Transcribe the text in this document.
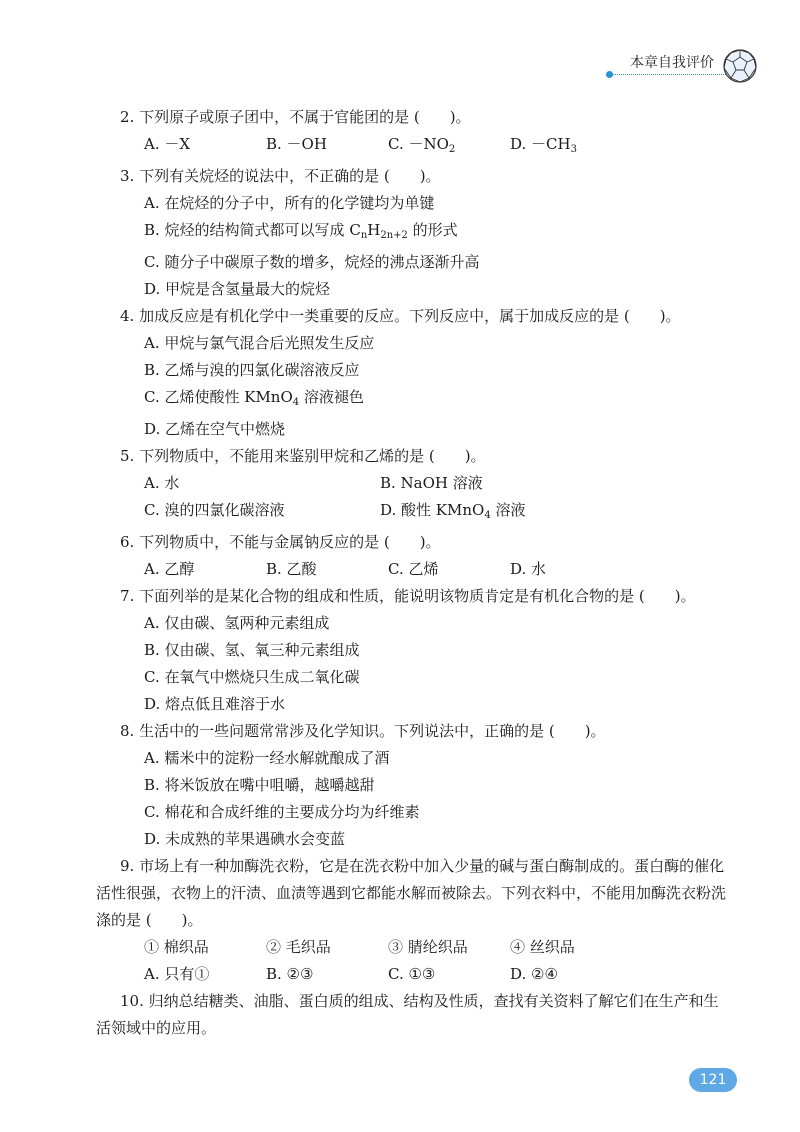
本章自我评价
2. 下列原子或原子团中，不属于官能团的是 (　　)。
A. －X	B. －OH	C. $-NO_2$	D. $-CH_3$
3. 下列有关烷烃的说法中，不正确的是 (　　)。
A. 在烷烃的分子中，所有的化学键均为单键
B. 烷烃的结构简式都可以写成 $C_nH_{2n+2}$ 的形式
C. 随分子中碳原子数的增多，烷烃的沸点逐渐升高
D. 甲烷是含氢量最大的烷烃
4. 加成反应是有机化学中一类重要的反应。下列反应中，属于加成反应的是 (　　)。
A. 甲烷与氯气混合后光照发生反应
B. 乙烯与溴的四氯化碳溶液反应
C. 乙烯使酸性 KMnO$_4$ 溶液褪色
D. 乙烯在空气中燃烧
5. 下列物质中，不能用来鉴别甲烷和乙烯的是 (　　)。
A. 水	B. NaOH 溶液
C. 溴的四氯化碳溶液	D. 酸性 KMnO$_4$ 溶液
6. 下列物质中，不能与金属钠反应的是 (　　)。
A. 乙醇	B. 乙酸	C. 乙烯	D. 水
7. 下面列举的是某化合物的组成和性质，能说明该物质肯定是有机化合物的是 (　　)。
A. 仅由碳、氢两种元素组成
B. 仅由碳、氢、氧三种元素组成
C. 在氧气中燃烧只生成二氧化碳
D. 熔点低且难溶于水
8. 生活中的一些问题常常涉及化学知识。下列说法中，正确的是 (　　)。
A. 糯米中的淀粉一经水解就酿成了酒
B. 将米饭放在嘴中咀嚼，越嚼越甜
C. 棉花和合成纤维的主要成分均为纤维素
D. 未成熟的苹果遇碘水会变蓝
9. 市场上有一种加酶洗衣粉，它是在洗衣粉中加入少量的碱与蛋白酶制成的。蛋白酶的催化活性很强，衣物上的汗渍、血渍等遇到它都能水解而被除去。下列衣料中，不能用加酶洗衣粉洗涤的是 (　　)。
① 棉织品	② 毛织品	③ 腈纶织品	④ 丝织品
A. 只有①	B. ②③	C. ①③	D. ②④
10. 归纳总结糖类、油脂、蛋白质的组成、结构及性质，查找有关资料了解它们在生产和生活领域中的应用。
121
